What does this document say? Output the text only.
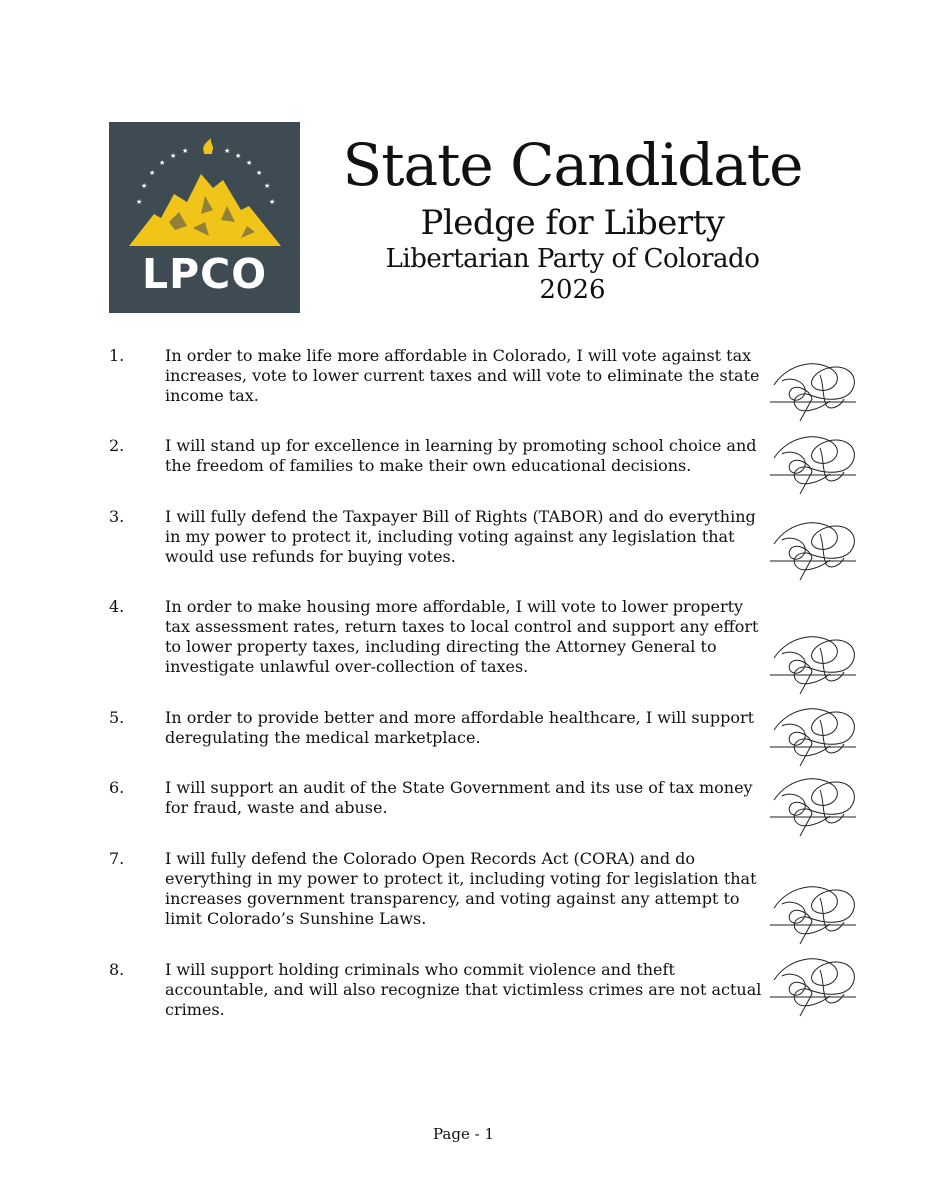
★
★
★
★
★
★	★
★
★
★
★
★
LPCO
State Candidate
Pledge for Liberty
Libertarian Party of Colorado
2026
1.	In order to make life more affordable in Colorado, I will vote against tax increases, vote to lower current taxes and will vote to eliminate the state income tax.
2.	I will stand up for excellence in learning by promoting school choice and the freedom of families to make their own educational decisions.
3.	I will fully defend the Taxpayer Bill of Rights (TABOR) and do everything in my power to protect it, including voting against any legislation that would use refunds for buying votes.
4.	In order to make housing more affordable, I will vote to lower property tax assessment rates, return taxes to local control and support any effort to lower property taxes, including directing the Attorney General to investigate unlawful over-collection of taxes.
5.	In order to provide better and more affordable healthcare, I will support deregulating the medical marketplace.
6.	I will support an audit of the State Government and its use of tax money for fraud, waste and abuse.
7.	I will fully defend the Colorado Open Records Act (CORA) and do everything in my power to protect it, including voting for legislation that increases government transparency, and voting against any attempt to limit Colorado’s Sunshine Laws.
8.	I will support holding criminals who commit violence and theft accountable, and will also recognize that victimless crimes are not actual crimes.
Page - 1
